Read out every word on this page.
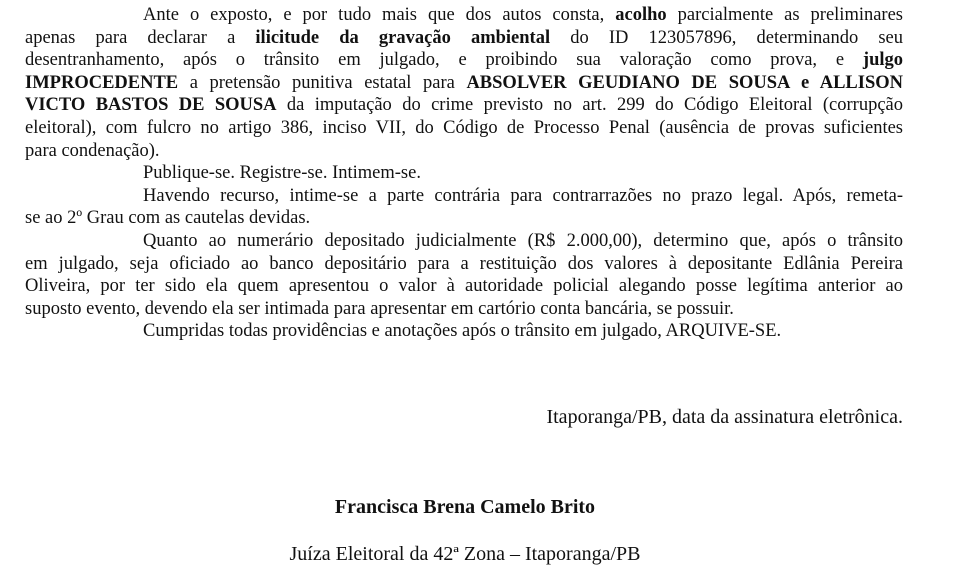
Ante o exposto, e por tudo mais que dos autos consta, acolho parcialmente as preliminares
apenas para declarar a ilicitude da gravação ambiental do ID 123057896, determinando seu
desentranhamento, após o trânsito em julgado, e proibindo sua valoração como prova, e julgo
IMPROCEDENTE a pretensão punitiva estatal para ABSOLVER GEUDIANO DE SOUSA e ALLISON
VICTO BASTOS DE SOUSA da imputação do crime previsto no art. 299 do Código Eleitoral (corrupção
eleitoral), com fulcro no artigo 386, inciso VII, do Código de Processo Penal (ausência de provas suficientes
para condenação).
Publique-se. Registre-se. Intimem-se.
Havendo recurso, intime-se a parte contrária para contrarrazões no prazo legal. Após, remeta-
se ao 2º Grau com as cautelas devidas.
Quanto ao numerário depositado judicialmente (R$ 2.000,00), determino que, após o trânsito
em julgado, seja oficiado ao banco depositário para a restituição dos valores à depositante Edlânia Pereira
Oliveira, por ter sido ela quem apresentou o valor à autoridade policial alegando posse legítima anterior ao
suposto evento, devendo ela ser intimada para apresentar em cartório conta bancária, se possuir.
Cumpridas todas providências e anotações após o trânsito em julgado, ARQUIVE-SE.
Itaporanga/PB, data da assinatura eletrônica.
Francisca Brena Camelo Brito
Juíza Eleitoral da 42ª Zona – Itaporanga/PB
